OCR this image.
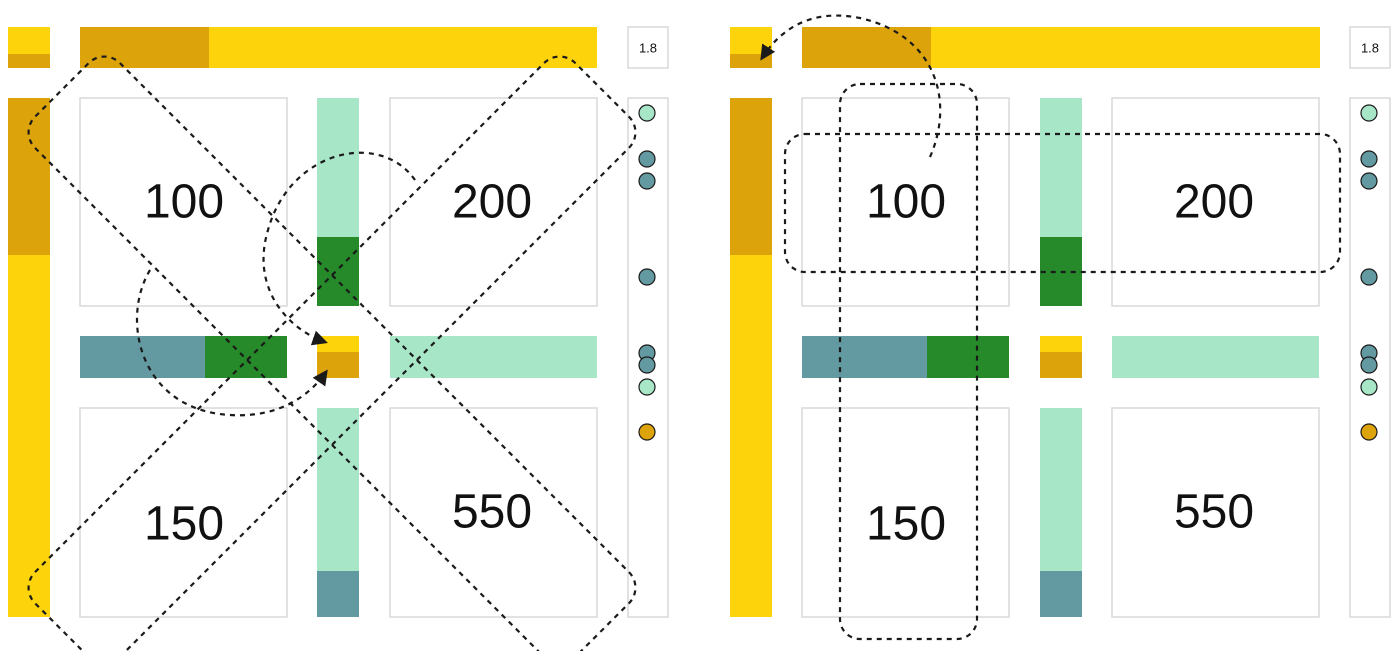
1.8
100	200
150	550
1.8
100	200
150	550
